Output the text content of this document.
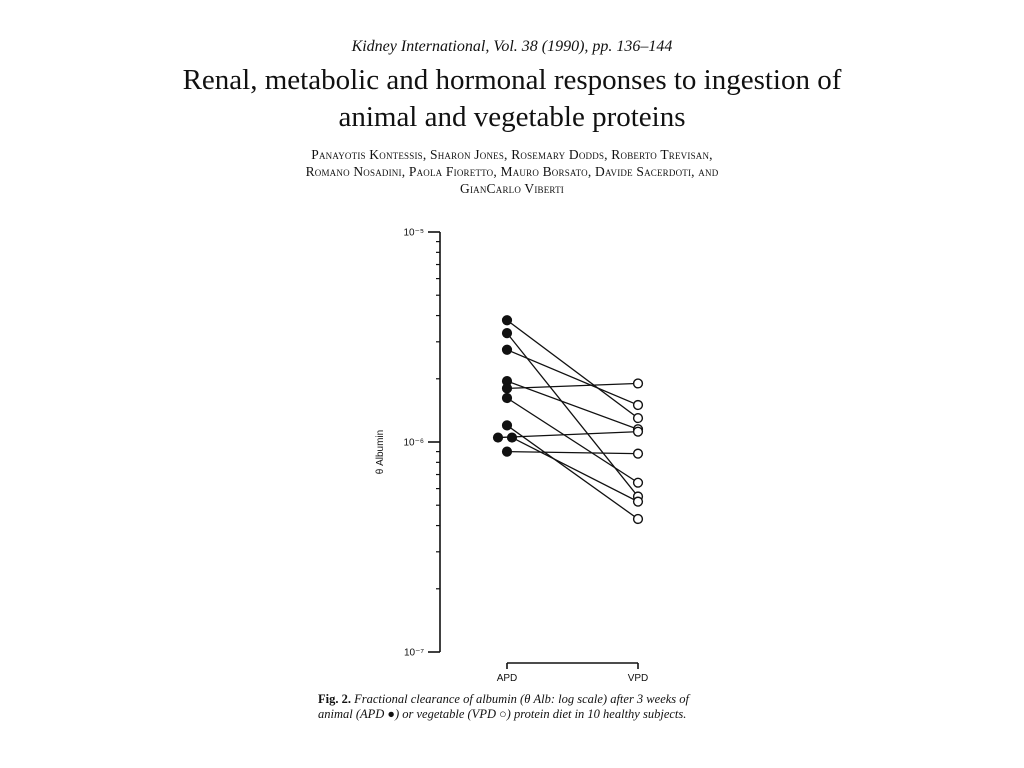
Kidney International, Vol. 38 (1990), pp. 136–144
Renal, metabolic and hormonal responses to ingestion of
animal and vegetable proteins
Panayotis Kontessis, Sharon Jones, Rosemary Dodds, Roberto Trevisan,
Romano Nosadini, Paola Fioretto, Mauro Borsato, Davide Sacerdoti, and
GianCarlo Viberti
10⁻⁵
10⁻⁶
10⁻⁷
θ Albumin
APD	VPD
Fig. 2. Fractional clearance of albumin (θ Alb: log scale) after 3 weeks of animal (APD ●) or vegetable (VPD ○) protein diet in 10 healthy subjects.
